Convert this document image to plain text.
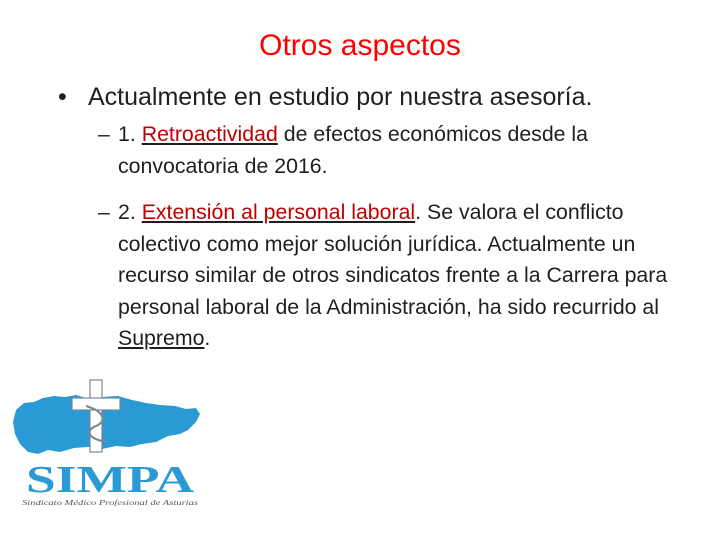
Otros aspectos
• Actualmente en estudio por nuestra asesoría.
– 1. Retroactividad de efectos económicos desde la convocatoria de 2016.
– 2. Extensión al personal laboral. Se valora el conflicto colectivo como mejor solución jurídica. Actualmente un recurso similar de otros sindicatos frente a la Carrera para personal laboral de la Administración, ha sido recurrido al Supremo.
SIMPA
Sindicato Médico Profesional de Asturias
